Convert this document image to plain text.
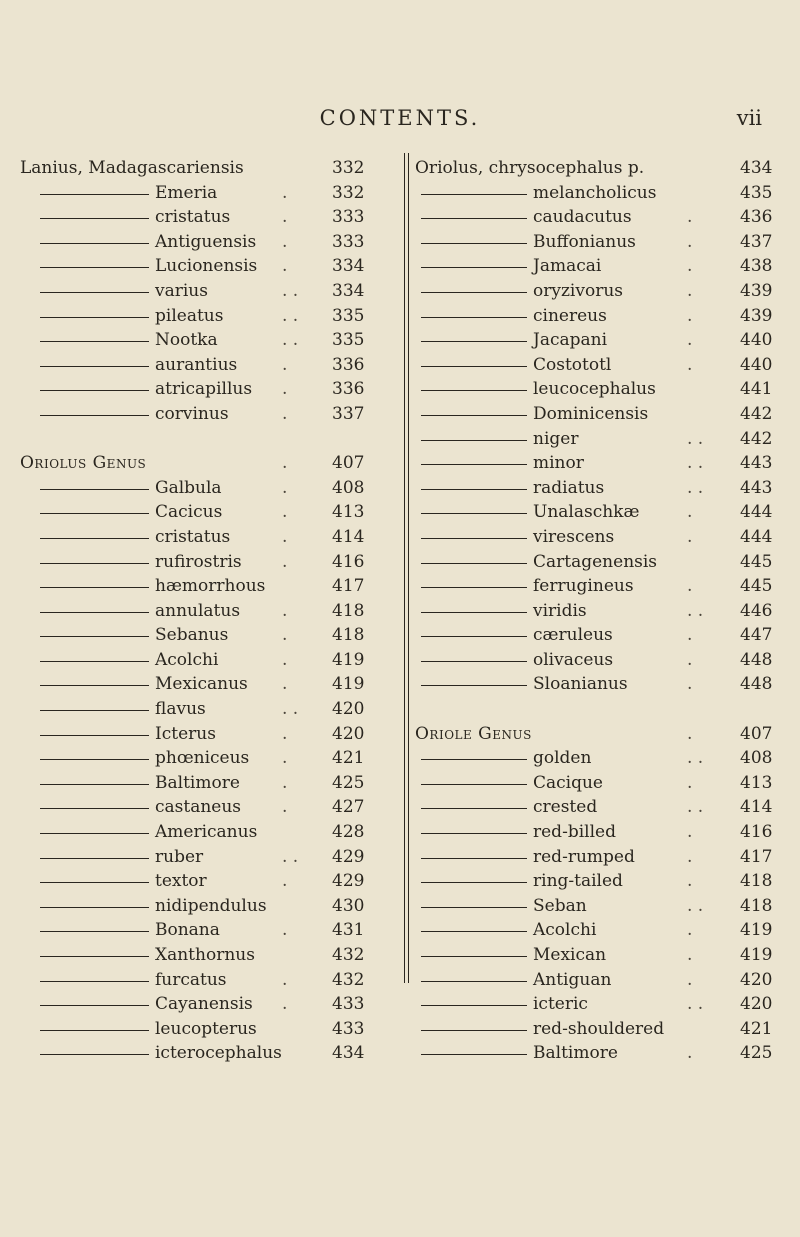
CONTENTS.	vii
Lanius, Madagascariensis	332
Emeria	.	332
cristatus	.	333
Antiguensis .	333
Lucionensis .	334
varius	. . 334
pileatus	. . 335
Nootka	. . 335
aurantius	.	336
atricapillus .	336
corvinus	.	337
Oriolus Genus	.	407
Galbula	.	408
Cacicus	.	413
cristatus	.	414
rufirostris .	416
hæmorrhous	417
annulatus .	418
Sebanus	.	418
Acolchi	.	419
Mexicanus .	419
flavus	. . 420
Icterus	.	420
phœniceus .	421
Baltimore .	425
castaneus .	427
Americanus	428
ruber	. . 429
textor	.	429
nidipendulus	430
Bonana	.	431
Xanthornus	432
furcatus	.	432
Cayanensis .	433
leucopterus	433
icterocephalus	434
Oriolus, chrysocephalus p.	434
melancholicus	435
caudacutus	.	436
Buffonianus	.	437
Jamacai	.	438
oryzivorus	.	439
cinereus	.	439
Jacapani	.	440
Costototl	.	440
leucocephalus	441
Dominicensis	442
niger	. . 442
minor	. . 443
radiatus	. . 443
Unalaschkæ	.	444
virescens	.	444
Cartagenensis	445
ferrugineus	.	445
viridis	. . 446
cæruleus	.	447
olivaceus	.	448
Sloanianus	.	448
Oriole Genus	.	407
golden	. . 408
Cacique	.	413
crested	. . 414
red-billed	.	416
red-rumped	.	417
ring-tailed	.	418
Seban	. . 418
Acolchi	.	419
Mexican	.	419
Antiguan	.	420
icteric	. . 420
red-shouldered	421
Baltimore	.	425
